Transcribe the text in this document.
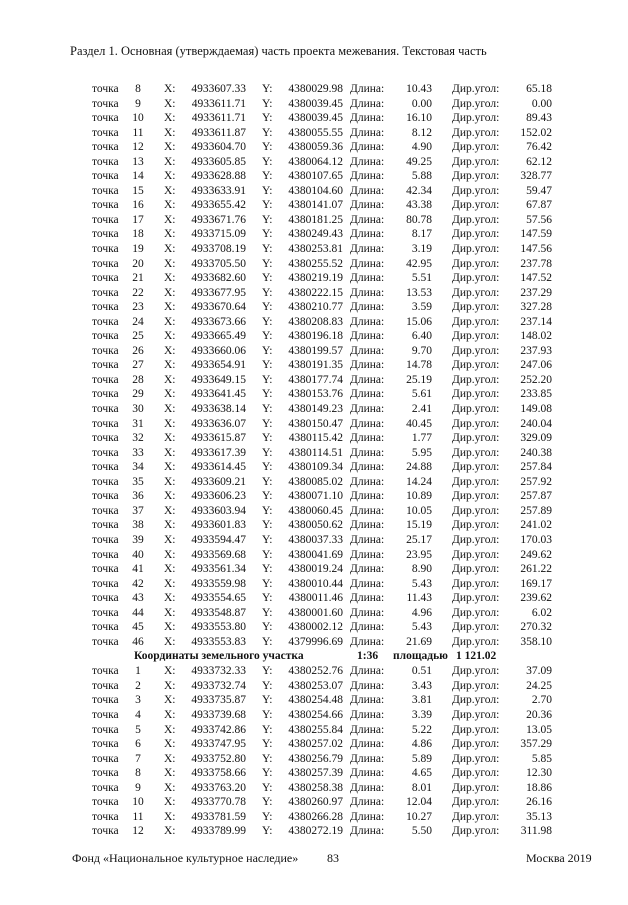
Раздел 1. Основная (утверждаемая) часть проекта межевания. Текстовая часть
точка	8	X:	4933607.33 Y:	4380029.98 Длина:	10.43 Дир.угол:	65.18
точка	9	X:	4933611.71 Y:	4380039.45 Длина:	0.00 Дир.угол:	0.00
точка	10	X:	4933611.71 Y:	4380039.45 Длина:	16.10 Дир.угол:	89.43
точка	11	X:	4933611.87 Y:	4380055.55 Длина:	8.12 Дир.угол:	152.02
точка	12	X:	4933604.70 Y:	4380059.36 Длина:	4.90 Дир.угол:	76.42
точка	13	X:	4933605.85 Y:	4380064.12 Длина:	49.25 Дир.угол:	62.12
точка	14	X:	4933628.88 Y:	4380107.65 Длина:	5.88 Дир.угол:	328.77
точка	15	X:	4933633.91 Y:	4380104.60 Длина:	42.34 Дир.угол:	59.47
точка	16	X:	4933655.42 Y:	4380141.07 Длина:	43.38 Дир.угол:	67.87
точка	17	X:	4933671.76 Y:	4380181.25 Длина:	80.78 Дир.угол:	57.56
точка	18	X:	4933715.09 Y:	4380249.43 Длина:	8.17 Дир.угол:	147.59
точка	19	X:	4933708.19 Y:	4380253.81 Длина:	3.19 Дир.угол:	147.56
точка	20	X:	4933705.50 Y:	4380255.52 Длина:	42.95 Дир.угол:	237.78
точка	21	X:	4933682.60 Y:	4380219.19 Длина:	5.51 Дир.угол:	147.52
точка	22	X:	4933677.95 Y:	4380222.15 Длина:	13.53 Дир.угол:	237.29
точка	23	X:	4933670.64 Y:	4380210.77 Длина:	3.59 Дир.угол:	327.28
точка	24	X:	4933673.66 Y:	4380208.83 Длина:	15.06 Дир.угол:	237.14
точка	25	X:	4933665.49 Y:	4380196.18 Длина:	6.40 Дир.угол:	148.02
точка	26	X:	4933660.06 Y:	4380199.57 Длина:	9.70 Дир.угол:	237.93
точка	27	X:	4933654.91 Y:	4380191.35 Длина:	14.78 Дир.угол:	247.06
точка	28	X:	4933649.15 Y:	4380177.74 Длина:	25.19 Дир.угол:	252.20
точка	29	X:	4933641.45 Y:	4380153.76 Длина:	5.61 Дир.угол:	233.85
точка	30	X:	4933638.14 Y:	4380149.23 Длина:	2.41 Дир.угол:	149.08
точка	31	X:	4933636.07 Y:	4380150.47 Длина:	40.45 Дир.угол:	240.04
точка	32	X:	4933615.87 Y:	4380115.42 Длина:	1.77 Дир.угол:	329.09
точка	33	X:	4933617.39 Y:	4380114.51 Длина:	5.95 Дир.угол:	240.38
точка	34	X:	4933614.45 Y:	4380109.34 Длина:	24.88 Дир.угол:	257.84
точка	35	X:	4933609.21 Y:	4380085.02 Длина:	14.24 Дир.угол:	257.92
точка	36	X:	4933606.23 Y:	4380071.10 Длина:	10.89 Дир.угол:	257.87
точка	37	X:	4933603.94 Y:	4380060.45 Длина:	10.05 Дир.угол:	257.89
точка	38	X:	4933601.83 Y:	4380050.62 Длина:	15.19 Дир.угол:	241.02
точка	39	X:	4933594.47 Y:	4380037.33 Длина:	25.17 Дир.угол:	170.03
точка	40	X:	4933569.68 Y:	4380041.69 Длина:	23.95 Дир.угол:	249.62
точка	41	X:	4933561.34 Y:	4380019.24 Длина:	8.90 Дир.угол:	261.22
точка	42	X:	4933559.98 Y:	4380010.44 Длина:	5.43 Дир.угол:	169.17
точка	43	X:	4933554.65 Y:	4380011.46 Длина:	11.43 Дир.угол:	239.62
точка	44	X:	4933548.87 Y:	4380001.60 Длина:	4.96 Дир.угол:	6.02
точка	45	X:	4933553.80 Y:	4380002.12 Длина:	5.43 Дир.угол:	270.32
точка	46	X:	4933553.83 Y:	4379996.69 Длина:	21.69 Дир.угол:	358.10
Координаты земельного участка	1:36 площадью 1 121.02
точка	1	X:	4933732.33 Y:	4380252.76 Длина:	0.51 Дир.угол:	37.09
точка	2	X:	4933732.74 Y:	4380253.07 Длина:	3.43 Дир.угол:	24.25
точка	3	X:	4933735.87 Y:	4380254.48 Длина:	3.81 Дир.угол:	2.70
точка	4	X:	4933739.68 Y:	4380254.66 Длина:	3.39 Дир.угол:	20.36
точка	5	X:	4933742.86 Y:	4380255.84 Длина:	5.22 Дир.угол:	13.05
точка	6	X:	4933747.95 Y:	4380257.02 Длина:	4.86 Дир.угол:	357.29
точка	7	X:	4933752.80 Y:	4380256.79 Длина:	5.89 Дир.угол:	5.85
точка	8	X:	4933758.66 Y:	4380257.39 Длина:	4.65 Дир.угол:	12.30
точка	9	X:	4933763.20 Y:	4380258.38 Длина:	8.01 Дир.угол:	18.86
точка	10	X:	4933770.78 Y:	4380260.97 Длина:	12.04 Дир.угол:	26.16
точка	11	X:	4933781.59 Y:	4380266.28 Длина:	10.27 Дир.угол:	35.13
точка	12	X:	4933789.99 Y:	4380272.19 Длина:	5.50 Дир.угол:	311.98
Фонд «Национальное культурное наследие» 83	Москва 2019
